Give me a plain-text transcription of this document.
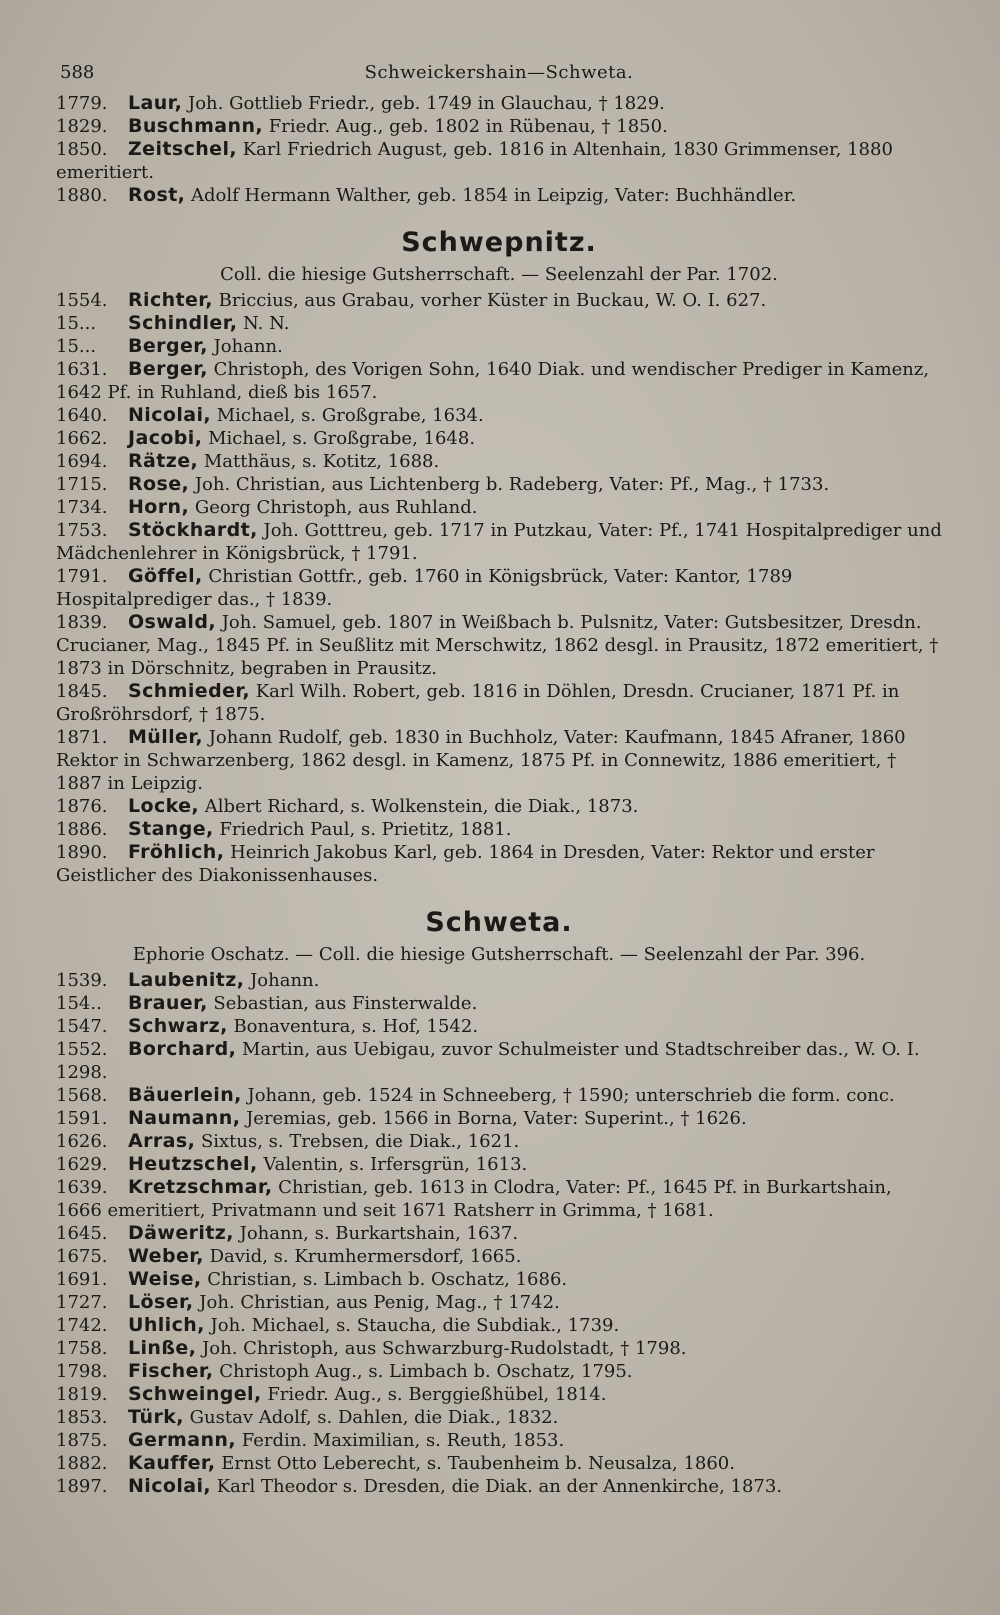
588	Schweickershain—Schweta.

1779. Laur, Joh. Gottlieb Friedr., geb. 1749 in Glauchau, † 1829.

1829. Buschmann, Friedr. Aug., geb. 1802 in Rübenau, † 1850.

1850. Zeitschel, Karl Friedrich August, geb. 1816 in Altenhain, 1830 Grimmenser, 1880 emeritiert.

1880. Rost, Adolf Hermann Walther, geb. 1854 in Leipzig, Vater: Buchhändler.

Schwepnitz.
Coll. die hiesige Gutsherrschaft. — Seelenzahl der Par. 1702.

1554. Richter, Briccius, aus Grabau, vorher Küster in Buckau, W. O. I. 627.

15... Schindler, N. N.

15... Berger, Johann.

1631. Berger, Christoph, des Vorigen Sohn, 1640 Diak. und wendischer Prediger in Kamenz, 1642 Pf. in Ruhland, dieß bis 1657.

1640. Nicolai, Michael, s. Großgrabe, 1634.

1662. Jacobi, Michael, s. Großgrabe, 1648.

1694. Rätze, Matthäus, s. Kotitz, 1688.

1715. Rose, Joh. Christian, aus Lichtenberg b. Radeberg, Vater: Pf., Mag., † 1733.

1734. Horn, Georg Christoph, aus Ruhland.

1753. Stöckhardt, Joh. Gotttreu, geb. 1717 in Putzkau, Vater: Pf., 1741 Hospitalprediger und Mädchenlehrer in Königsbrück, † 1791.

1791. Göffel, Christian Gottfr., geb. 1760 in Königsbrück, Vater: Kantor, 1789 Hospitalprediger das., † 1839.

1839. Oswald, Joh. Samuel, geb. 1807 in Weißbach b. Pulsnitz, Vater: Gutsbesitzer, Dresdn. Crucianer, Mag., 1845 Pf. in Seußlitz mit Merschwitz, 1862 desgl. in Prausitz, 1872 emeritiert, † 1873 in Dörschnitz, begraben in Prausitz.

1845. Schmieder, Karl Wilh. Robert, geb. 1816 in Döhlen, Dresdn. Crucianer, 1871 Pf. in Großröhrsdorf, † 1875.

1871. Müller, Johann Rudolf, geb. 1830 in Buchholz, Vater: Kaufmann, 1845 Afraner, 1860 Rektor in Schwarzenberg, 1862 desgl. in Kamenz, 1875 Pf. in Connewitz, 1886 emeritiert, † 1887 in Leipzig.

1876. Locke, Albert Richard, s. Wolkenstein, die Diak., 1873.

1886. Stange, Friedrich Paul, s. Prietitz, 1881.

1890. Fröhlich, Heinrich Jakobus Karl, geb. 1864 in Dresden, Vater: Rektor und erster Geistlicher des Diakonissenhauses.

Schweta.
Ephorie Oschatz. — Coll. die hiesige Gutsherrschaft. — Seelenzahl der Par. 396.

1539. Laubenitz, Johann.

154.. Brauer, Sebastian, aus Finsterwalde.

1547. Schwarz, Bonaventura, s. Hof, 1542.

1552. Borchard, Martin, aus Uebigau, zuvor Schulmeister und Stadtschreiber das., W. O. I. 1298.

1568. Bäuerlein, Johann, geb. 1524 in Schneeberg, † 1590; unterschrieb die form. conc.

1591. Naumann, Jeremias, geb. 1566 in Borna, Vater: Superint., † 1626.

1626. Arras, Sixtus, s. Trebsen, die Diak., 1621.

1629. Heutzschel, Valentin, s. Irfersgrün, 1613.

1639. Kretzschmar, Christian, geb. 1613 in Clodra, Vater: Pf., 1645 Pf. in Burkartshain, 1666 emeritiert, Privatmann und seit 1671 Ratsherr in Grimma, † 1681.

1645. Däweritz, Johann, s. Burkartshain, 1637.

1675. Weber, David, s. Krumhermersdorf, 1665.

1691. Weise, Christian, s. Limbach b. Oschatz, 1686.

1727. Löser, Joh. Christian, aus Penig, Mag., † 1742.

1742. Uhlich, Joh. Michael, s. Staucha, die Subdiak., 1739.

1758. Linße, Joh. Christoph, aus Schwarzburg-Rudolstadt, † 1798.

1798. Fischer, Christoph Aug., s. Limbach b. Oschatz, 1795.

1819. Schweingel, Friedr. Aug., s. Berggießhübel, 1814.

1853. Türk, Gustav Adolf, s. Dahlen, die Diak., 1832.

1875. Germann, Ferdin. Maximilian, s. Reuth, 1853.

1882. Kauffer, Ernst Otto Leberecht, s. Taubenheim b. Neusalza, 1860.

1897. Nicolai, Karl Theodor s. Dresden, die Diak. an der Annenkirche, 1873.
